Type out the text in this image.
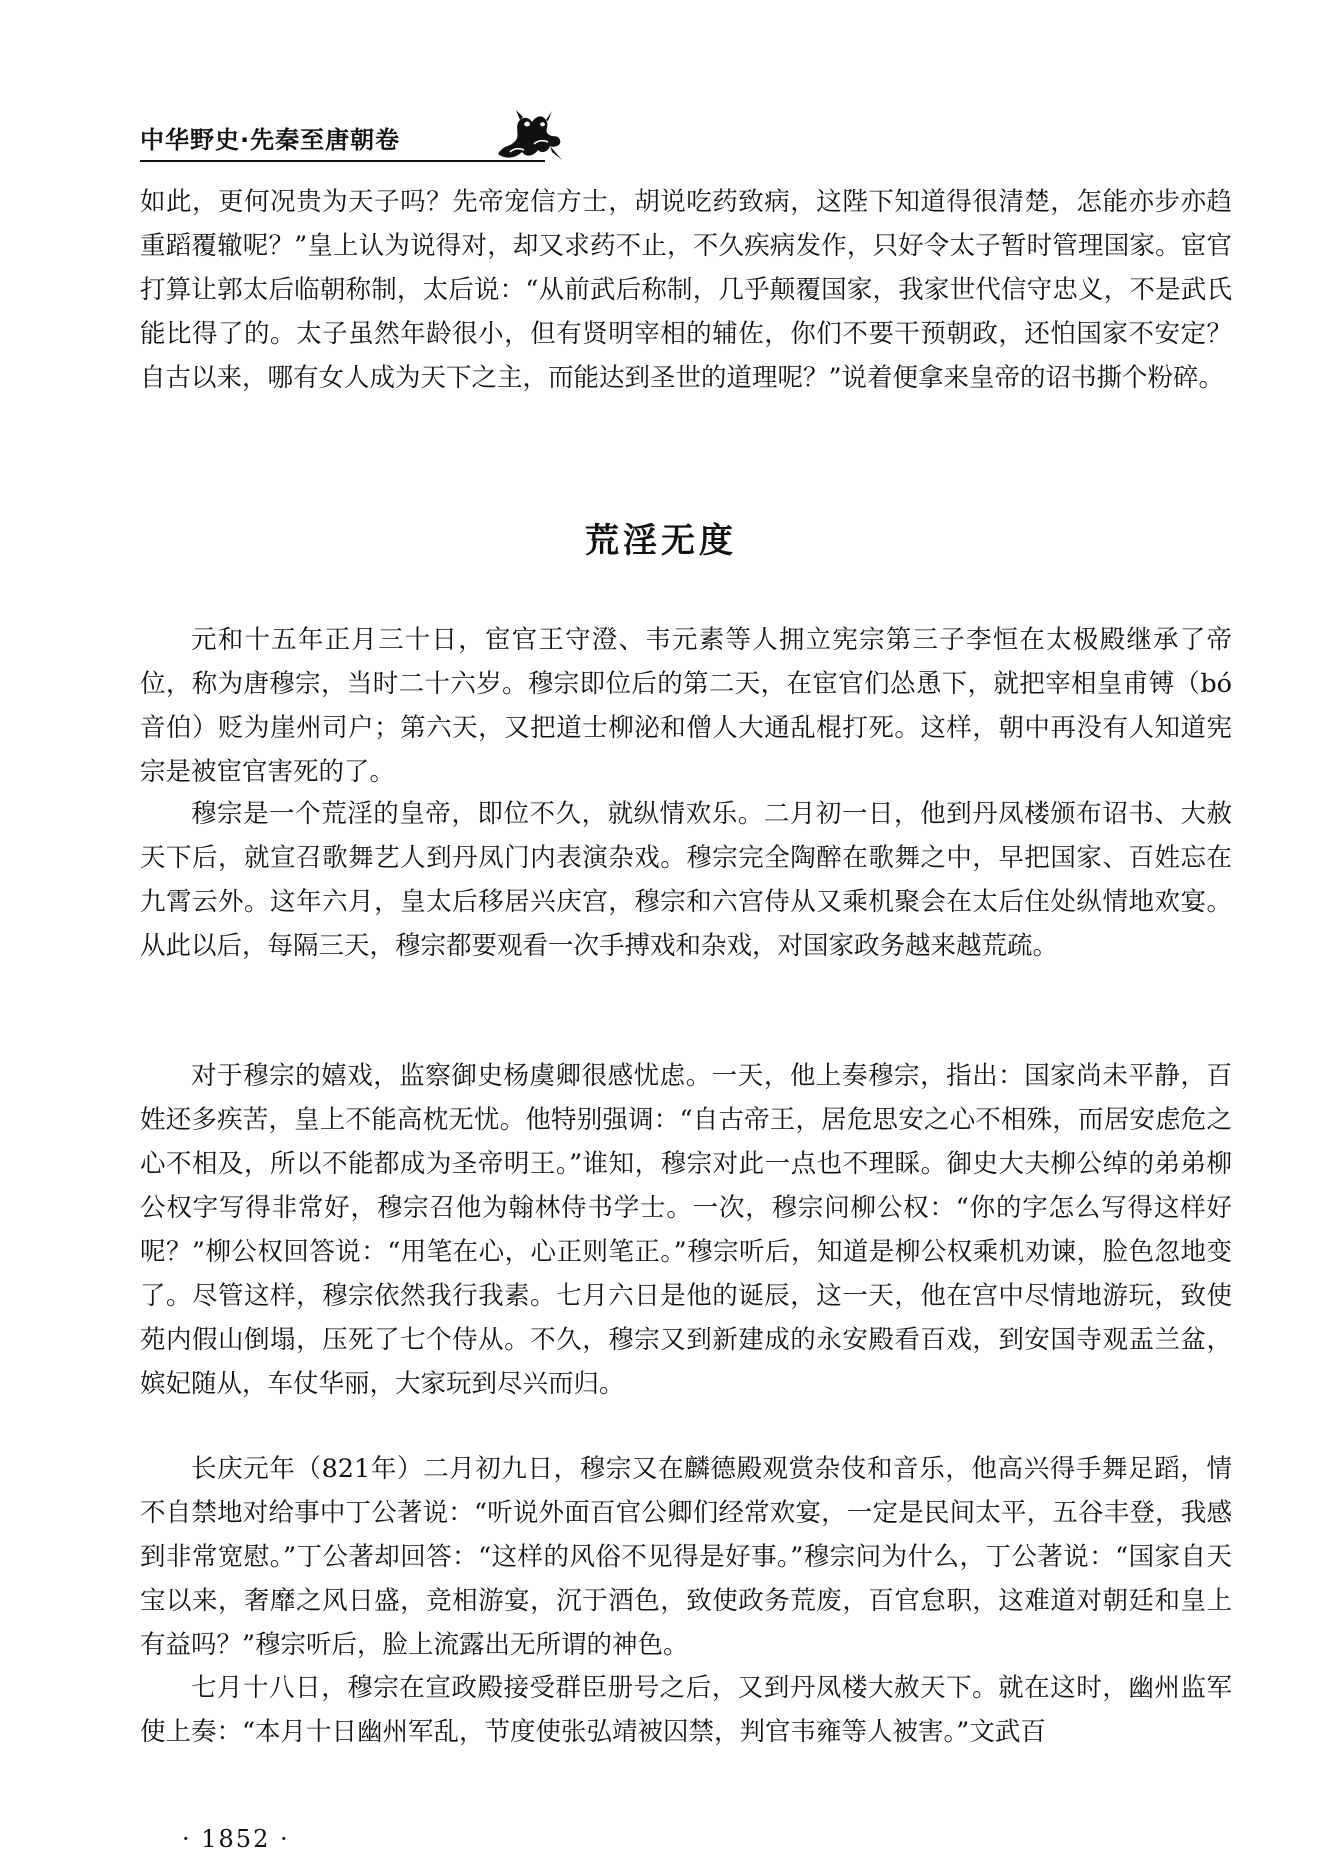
中华野史·先秦至唐朝卷

如此，更何况贵为天子吗？先帝宠信方士，胡说吃药致病，这陛下知道得很清楚，怎能亦步亦趋重蹈覆辙呢？”皇上认为说得对，却又求药不止，不久疾病发作，只好令太子暂时管理国家。宦官打算让郭太后临朝称制，太后说：“从前武后称制，几乎颠覆国家，我家世代信守忠义，不是武氏能比得了的。太子虽然年龄很小，但有贤明宰相的辅佐，你们不要干预朝政，还怕国家不安定？自古以来，哪有女人成为天下之主，而能达到圣世的道理呢？”说着便拿来皇帝的诏书撕个粉碎。

荒淫无度

元和十五年正月三十日，宦官王守澄、韦元素等人拥立宪宗第三子李恒在太极殿继承了帝位，称为唐穆宗，当时二十六岁。穆宗即位后的第二天，在宦官们怂恿下，就把宰相皇甫镈（bó音伯）贬为崖州司户；第六天，又把道士柳泌和僧人大通乱棍打死。这样，朝中再没有人知道宪宗是被宦官害死的了。

穆宗是一个荒淫的皇帝，即位不久，就纵情欢乐。二月初一日，他到丹凤楼颁布诏书、大赦天下后，就宣召歌舞艺人到丹凤门内表演杂戏。穆宗完全陶醉在歌舞之中，早把国家、百姓忘在九霄云外。这年六月，皇太后移居兴庆宫，穆宗和六宫侍从又乘机聚会在太后住处纵情地欢宴。从此以后，每隔三天，穆宗都要观看一次手搏戏和杂戏，对国家政务越来越荒疏。

对于穆宗的嬉戏，监察御史杨虞卿很感忧虑。一天，他上奏穆宗，指出：国家尚未平静，百姓还多疾苦，皇上不能高枕无忧。他特别强调：“自古帝王，居危思安之心不相殊，而居安虑危之心不相及，所以不能都成为圣帝明王。”谁知，穆宗对此一点也不理睬。御史大夫柳公绰的弟弟柳公权字写得非常好，穆宗召他为翰林侍书学士。一次，穆宗问柳公权：“你的字怎么写得这样好呢？”柳公权回答说：“用笔在心，心正则笔正。”穆宗听后，知道是柳公权乘机劝谏，脸色忽地变了。尽管这样，穆宗依然我行我素。七月六日是他的诞辰，这一天，他在宫中尽情地游玩，致使苑内假山倒塌，压死了七个侍从。不久，穆宗又到新建成的永安殿看百戏，到安国寺观盂兰盆，嫔妃随从，车仗华丽，大家玩到尽兴而归。

长庆元年（821年）二月初九日，穆宗又在麟德殿观赏杂伎和音乐，他高兴得手舞足蹈，情不自禁地对给事中丁公著说：“听说外面百官公卿们经常欢宴，一定是民间太平，五谷丰登，我感到非常宽慰。”丁公著却回答：“这样的风俗不见得是好事。”穆宗问为什么，丁公著说：“国家自天宝以来，奢靡之风日盛，竞相游宴，沉于酒色，致使政务荒废，百官怠职，这难道对朝廷和皇上有益吗？”穆宗听后，脸上流露出无所谓的神色。

七月十八日，穆宗在宣政殿接受群臣册号之后，又到丹凤楼大赦天下。就在这时，幽州监军使上奏：“本月十日幽州军乱，节度使张弘靖被囚禁，判官韦雍等人被害。”文武百

· 1852 ·
